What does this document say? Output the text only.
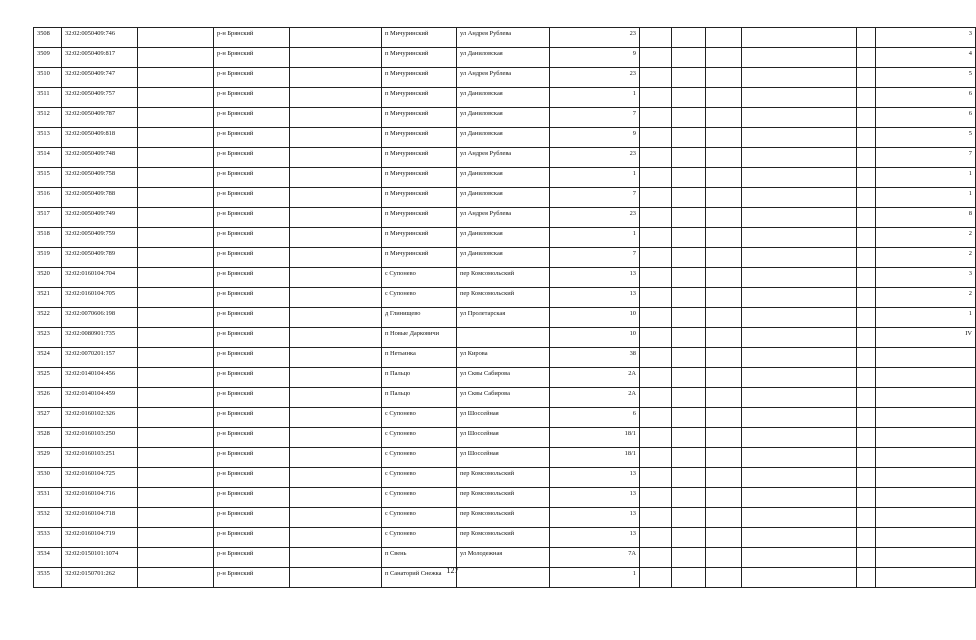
3508	32:02:0050409:746		р-н Брянский		п Мичуринский	ул Андрея Рублева	23						3
3509	32:02:0050409:817		р-н Брянский		п Мичуринский	ул Даниловская	9						4
3510	32:02:0050409:747		р-н Брянский		п Мичуринский	ул Андрея Рублева	23						5
3511	32:02:0050409:757		р-н Брянский		п Мичуринский	ул Даниловская	1						6
3512	32:02:0050409:787		р-н Брянский		п Мичуринский	ул Даниловская	7						6
3513	32:02:0050409:818		р-н Брянский		п Мичуринский	ул Даниловская	9						5
3514	32:02:0050409:748		р-н Брянский		п Мичуринский	ул Андрея Рублева	23						7
3515	32:02:0050409:758		р-н Брянский		п Мичуринский	ул Даниловская	1						1
3516	32:02:0050409:788		р-н Брянский		п Мичуринский	ул Даниловская	7						1
3517	32:02:0050409:749		р-н Брянский		п Мичуринский	ул Андрея Рублева	23						8
3518	32:02:0050409:759		р-н Брянский		п Мичуринский	ул Даниловская	1						2
3519	32:02:0050409:789		р-н Брянский		п Мичуринский	ул Даниловская	7						2
3520	32:02:0160104:704		р-н Брянский		с Супонево	пер Комсомольский	13						3
3521	32:02:0160104:705		р-н Брянский		с Супонево	пер Комсомольский	13						2
3522	32:02:0070606:198		р-н Брянский		д Глинищево	ул Пролетарская	10						1
3523	32:02:0080901:735		р-н Брянский		п Новые Дарковичи		10						IV
3524	32:02:0070201:157		р-н Брянский		п Нетьинка	ул Кирова	38						
3525	32:02:0140104:456		р-н Брянский		п Пальцо	ул Сквы Сабирова	2А						
3526	32:02:0140104:459		р-н Брянский		п Пальцо	ул Сквы Сабирова	2А						
3527	32:02:0160102:326		р-н Брянский		с Супонево	ул Шоссейная	6						
3528	32:02:0160103:250		р-н Брянский		с Супонево	ул Шоссейная	18/1						
3529	32:02:0160103:251		р-н Брянский		с Супонево	ул Шоссейная	18/1						
3530	32:02:0160104:725		р-н Брянский		с Супонево	пер Комсомольский	13						
3531	32:02:0160104:716		р-н Брянский		с Супонево	пер Комсомольский	13						
3532	32:02:0160104:718		р-н Брянский		с Супонево	пер Комсомольский	13						
3533	32:02:0160104:719		р-н Брянский		с Супонево	пер Комсомольский	13						
3534	32:02:0150101:1074		р-н Брянский		п Свень	ул Молодежная	7А						
3535	32:02:0150701:262		р-н Брянский		п Санаторий Снежка		1						
127
